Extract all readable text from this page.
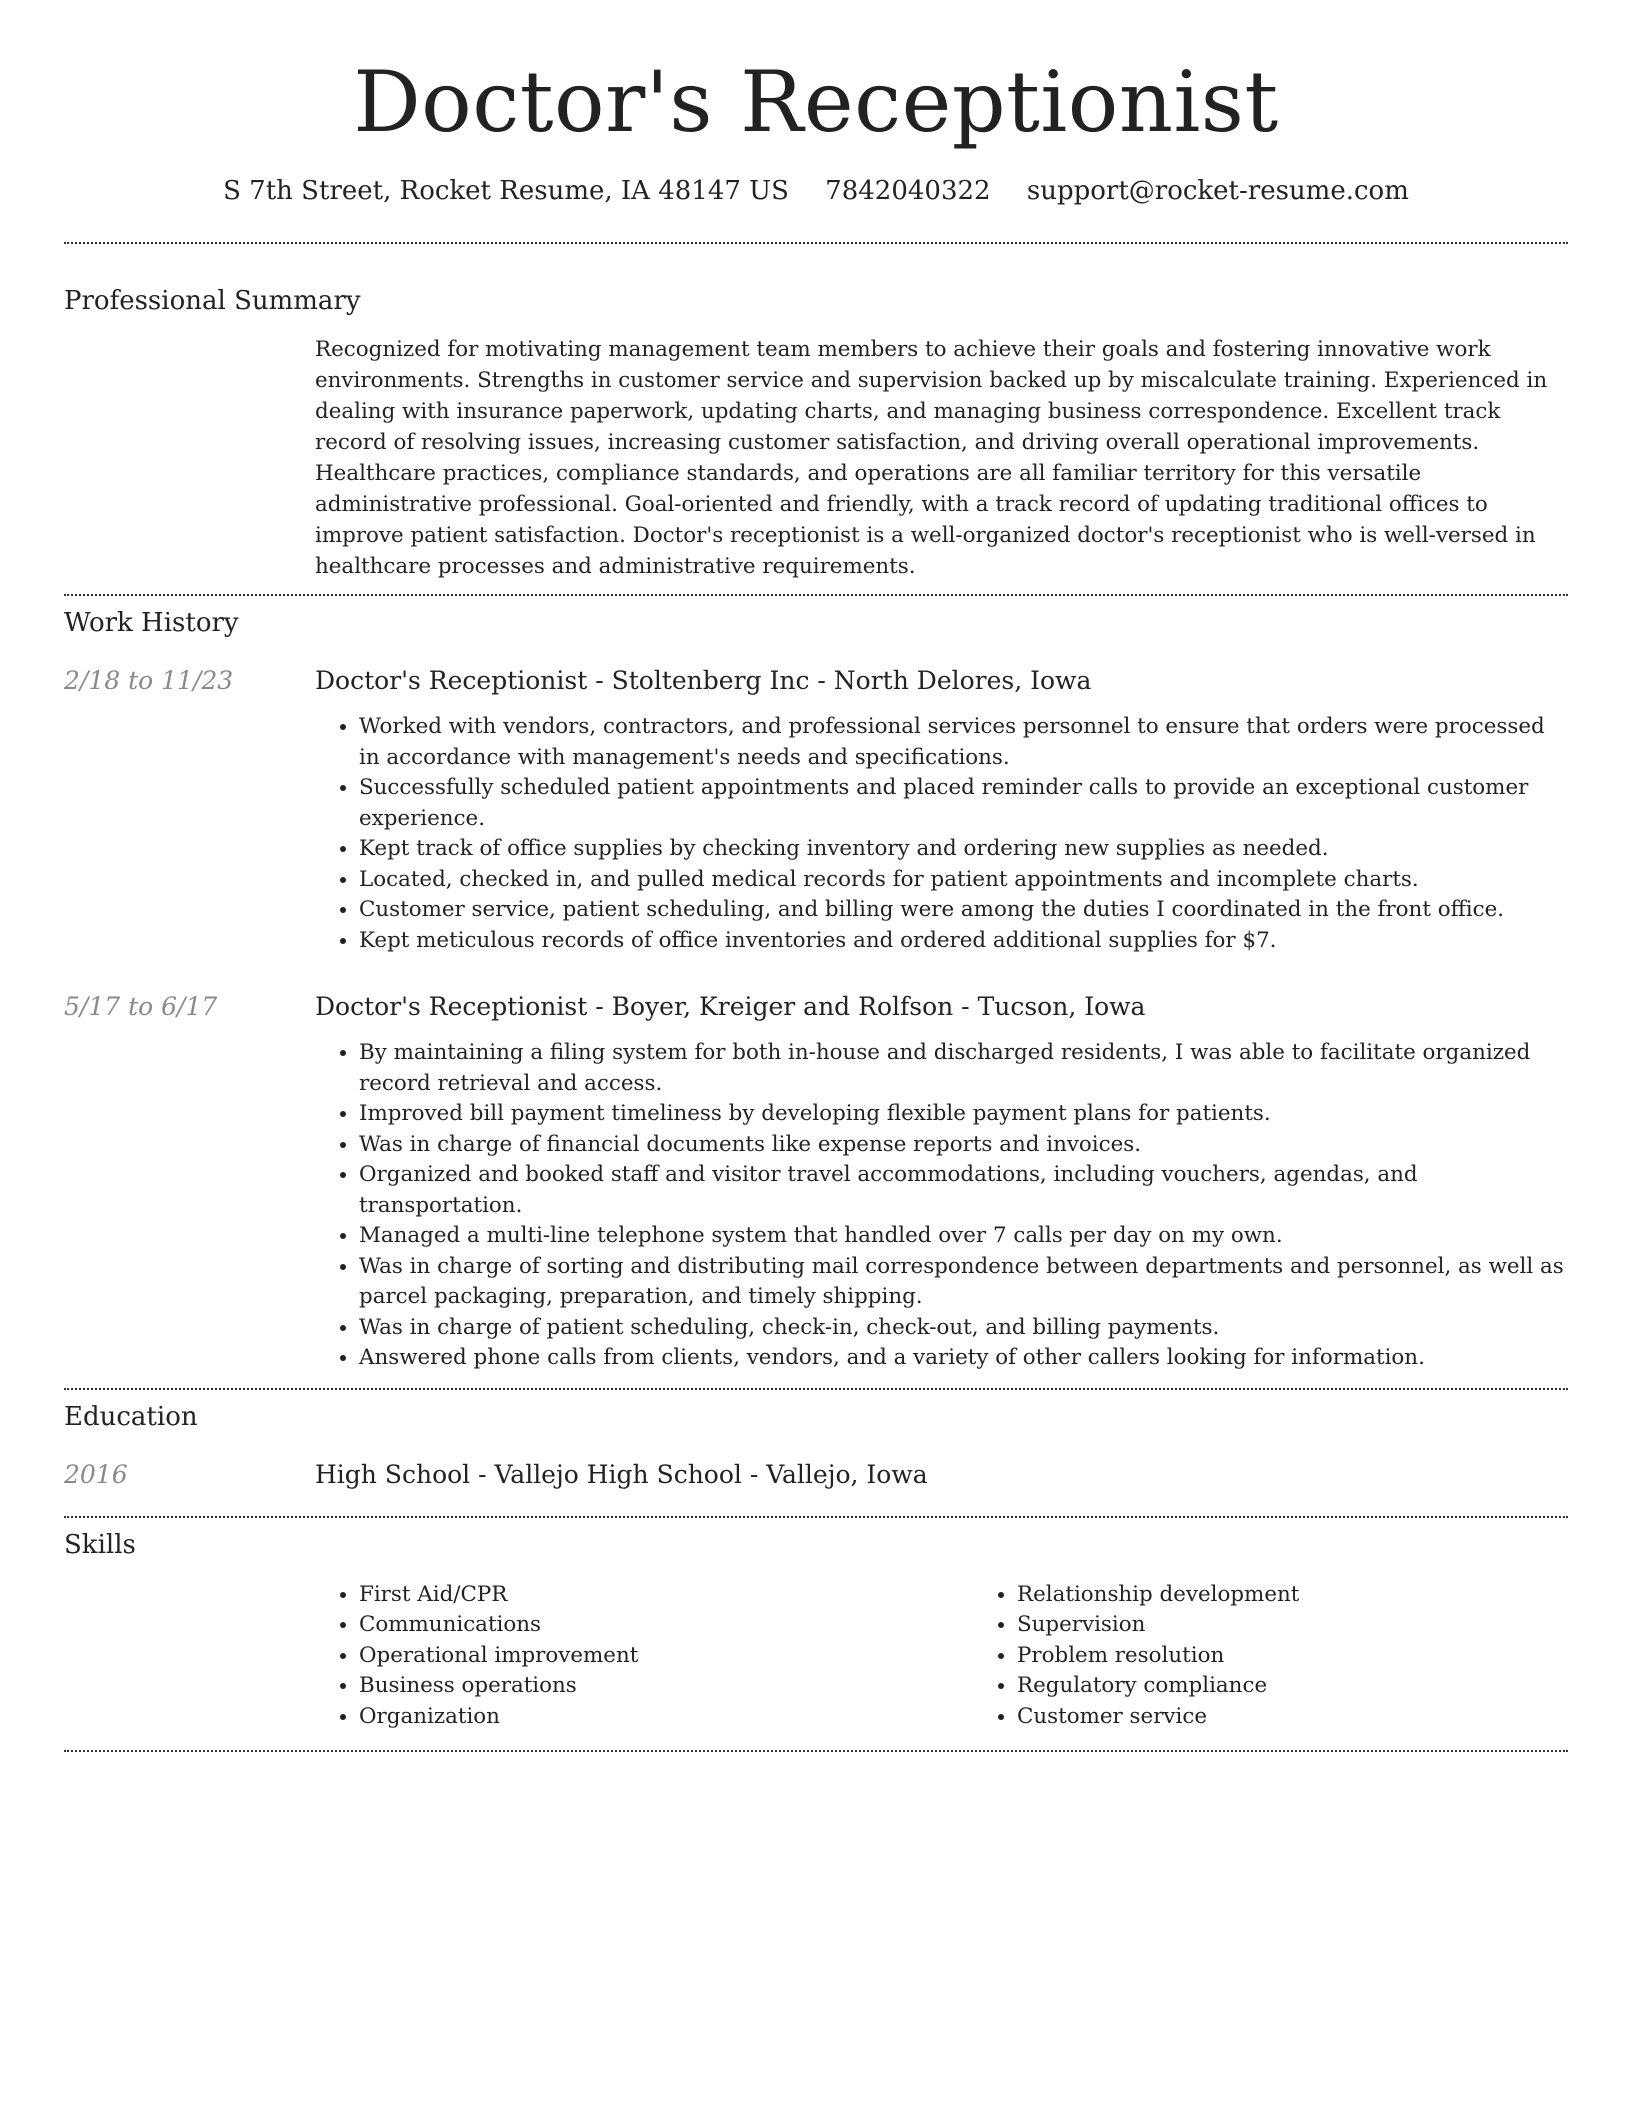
Doctor's Receptionist
S 7th Street, Rocket Resume, IA 48147 US 7842040322 support@rocket-resume.com
Professional Summary

Recognized for motivating management team members to achieve their goals and fostering innovative work environments. Strengths in customer service and supervision backed up by miscalculate training. Experienced in dealing with insurance paperwork, updating charts, and managing business correspondence. Excellent track record of resolving issues, increasing customer satisfaction, and driving overall operational improvements. Healthcare practices, compliance standards, and operations are all familiar territory for this versatile administrative professional. Goal-oriented and friendly, with a track record of updating traditional offices to improve patient satisfaction. Doctor's receptionist is a well-organized doctor's receptionist who is well-versed in healthcare processes and administrative requirements.

Work History
2/18 to 11/23	Doctor's Receptionist - Stoltenberg Inc - North Delores, Iowa
• Worked with vendors, contractors, and professional services personnel to ensure that orders were processed in accordance with management's needs and specifications.
• Successfully scheduled patient appointments and placed reminder calls to provide an exceptional customer experience.
• Kept track of office supplies by checking inventory and ordering new supplies as needed.
• Located, checked in, and pulled medical records for patient appointments and incomplete charts.
• Customer service, patient scheduling, and billing were among the duties I coordinated in the front office.
• Kept meticulous records of office inventories and ordered additional supplies for $7.
5/17 to 6/17	Doctor's Receptionist - Boyer, Kreiger and Rolfson - Tucson, Iowa
• By maintaining a filing system for both in-house and discharged residents, I was able to facilitate organized record retrieval and access.
• Improved bill payment timeliness by developing flexible payment plans for patients.
• Was in charge of financial documents like expense reports and invoices.
• Organized and booked staff and visitor travel accommodations, including vouchers, agendas, and transportation.
• Managed a multi-line telephone system that handled over 7 calls per day on my own.
• Was in charge of sorting and distributing mail correspondence between departments and personnel, as well as parcel packaging, preparation, and timely shipping.
• Was in charge of patient scheduling, check-in, check-out, and billing payments.
• Answered phone calls from clients, vendors, and a variety of other callers looking for information.
Education
2016	High School - Vallejo High School - Vallejo, Iowa
Skills
• First Aid/CPR
• Communications
• Operational improvement
• Business operations
• Organization
• Relationship development
• Supervision
• Problem resolution
• Regulatory compliance
• Customer service
